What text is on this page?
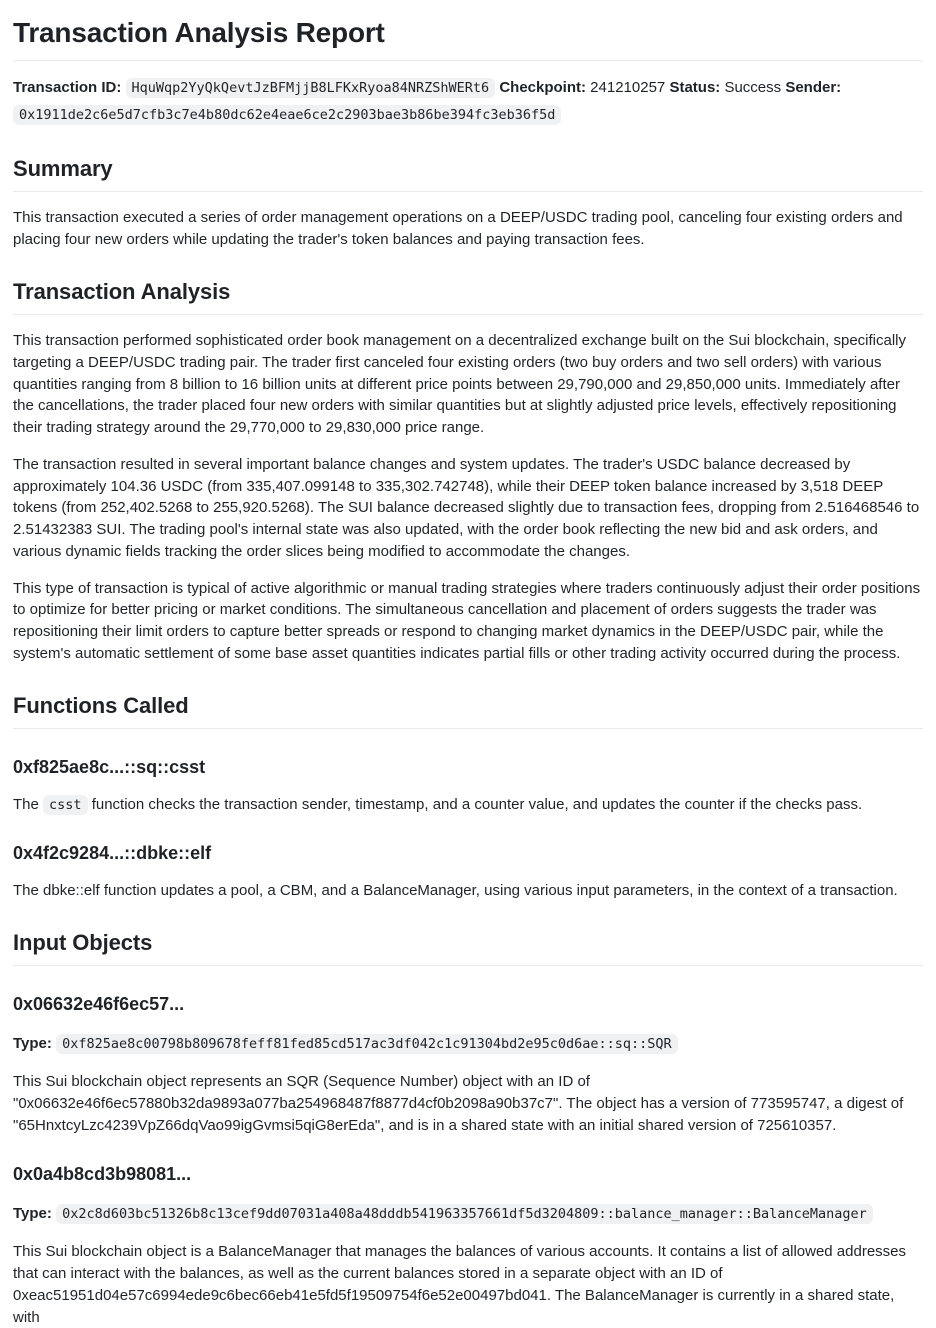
Transaction Analysis Report

Transaction ID: HquWqp2YyQkQevtJzBFMjjB8LFKxRyoa84NRZShWERt6 Checkpoint: 241210257 Status: Success Sender: 0x1911de2c6e5d7cfb3c7e4b80dc62e4eae6ce2c2903bae3b86be394fc3eb36f5d

Summary

This transaction executed a series of order management operations on a DEEP/USDC trading pool, canceling four existing orders and placing four new orders while updating the trader's token balances and paying transaction fees.

Transaction Analysis

This transaction performed sophisticated order book management on a decentralized exchange built on the Sui blockchain, specifically targeting a DEEP/USDC trading pair. The trader first canceled four existing orders (two buy orders and two sell orders) with various quantities ranging from 8 billion to 16 billion units at different price points between 29,790,000 and 29,850,000 units. Immediately after the cancellations, the trader placed four new orders with similar quantities but at slightly adjusted price levels, effectively repositioning their trading strategy around the 29,770,000 to 29,830,000 price range.

The transaction resulted in several important balance changes and system updates. The trader's USDC balance decreased by approximately 104.36 USDC (from 335,407.099148 to 335,302.742748), while their DEEP token balance increased by 3,518 DEEP tokens (from 252,402.5268 to 255,920.5268). The SUI balance decreased slightly due to transaction fees, dropping from 2.516468546 to 2.51432383 SUI. The trading pool's internal state was also updated, with the order book reflecting the new bid and ask orders, and various dynamic fields tracking the order slices being modified to accommodate the changes.

This type of transaction is typical of active algorithmic or manual trading strategies where traders continuously adjust their order positions to optimize for better pricing or market conditions. The simultaneous cancellation and placement of orders suggests the trader was repositioning their limit orders to capture better spreads or respond to changing market dynamics in the DEEP/USDC pair, while the system's automatic settlement of some base asset quantities indicates partial fills or other trading activity occurred during the process.

Functions Called
0xf825ae8c...::sq::csst

The csst function checks the transaction sender, timestamp, and a counter value, and updates the counter if the checks pass.

0x4f2c9284...::dbke::elf

The dbke::elf function updates a pool, a CBM, and a BalanceManager, using various input parameters, in the context of a transaction.

Input Objects
0x06632e46f6ec57...

Type: 0xf825ae8c00798b809678feff81fed85cd517ac3df042c1c91304bd2e95c0d6ae::sq::SQR

This Sui blockchain object represents an SQR (Sequence Number) object with an ID of "0x06632e46f6ec57880b32da9893a077ba254968487f8877d4cf0b2098a90b37c7". The object has a version of 773595747, a digest of "65HnxtcyLzc4239VpZ66dqVao99igGvmsi5qiG8erEda", and is in a shared state with an initial shared version of 725610357.

0x0a4b8cd3b98081...

Type: 0x2c8d603bc51326b8c13cef9dd07031a408a48dddb541963357661df5d3204809::balance_manager::BalanceManager

This Sui blockchain object is a BalanceManager that manages the balances of various accounts. It contains a list of allowed addresses that can interact with the balances, as well as the current balances stored in a separate object with an ID of 0xeac51951d04e57c6994ede9c6bec66eb41e5fd5f19509754f6e52e00497bd041. The BalanceManager is currently in a shared state, with
